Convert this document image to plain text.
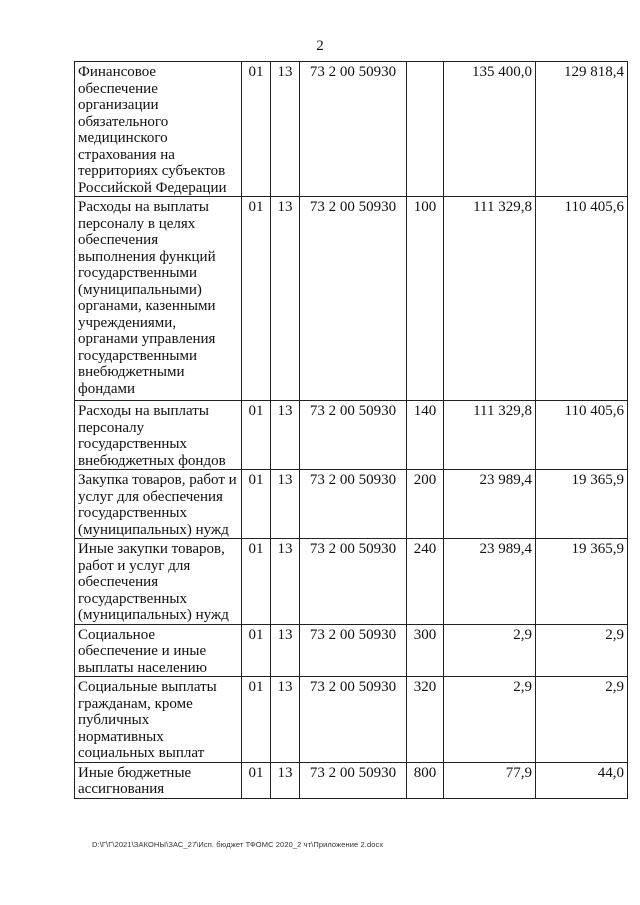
2
Финансовое обеспечение организации обязательного медицинского страхования на территориях субъектов Российской Федерации	01	13	73 2 00 50930		135 400,0	129 818,4
Расходы на выплаты персоналу в целях обеспечения выполнения функций государственными (муниципальными) органами, казенными учреждениями, органами управления государственными внебюджетными фондами	01	13	73 2 00 50930	100	111 329,8	110 405,6
Расходы на выплаты персоналу государственных внебюджетных фондов	01	13	73 2 00 50930	140	111 329,8	110 405,6
Закупка товаров, работ и услуг для обеспечения государственных (муниципальных) нужд	01	13	73 2 00 50930	200	23 989,4	19 365,9
Иные закупки товаров, работ и услуг для обеспечения государственных (муниципальных) нужд	01	13	73 2 00 50930	240	23 989,4	19 365,9
Социальное обеспечение и иные выплаты населению	01	13	73 2 00 50930	300	2,9	2,9
Социальные выплаты гражданам, кроме публичных нормативных социальных выплат	01	13	73 2 00 50930	320	2,9	2,9
Иные бюджетные ассигнования	01	13	73 2 00 50930	800	77,9	44,0
D:\Г\Г\2021\ЗАКОНЫ\ЗАС_27\Исп. бюджет ТФОМС 2020_2 чт\Приложение 2.docx
